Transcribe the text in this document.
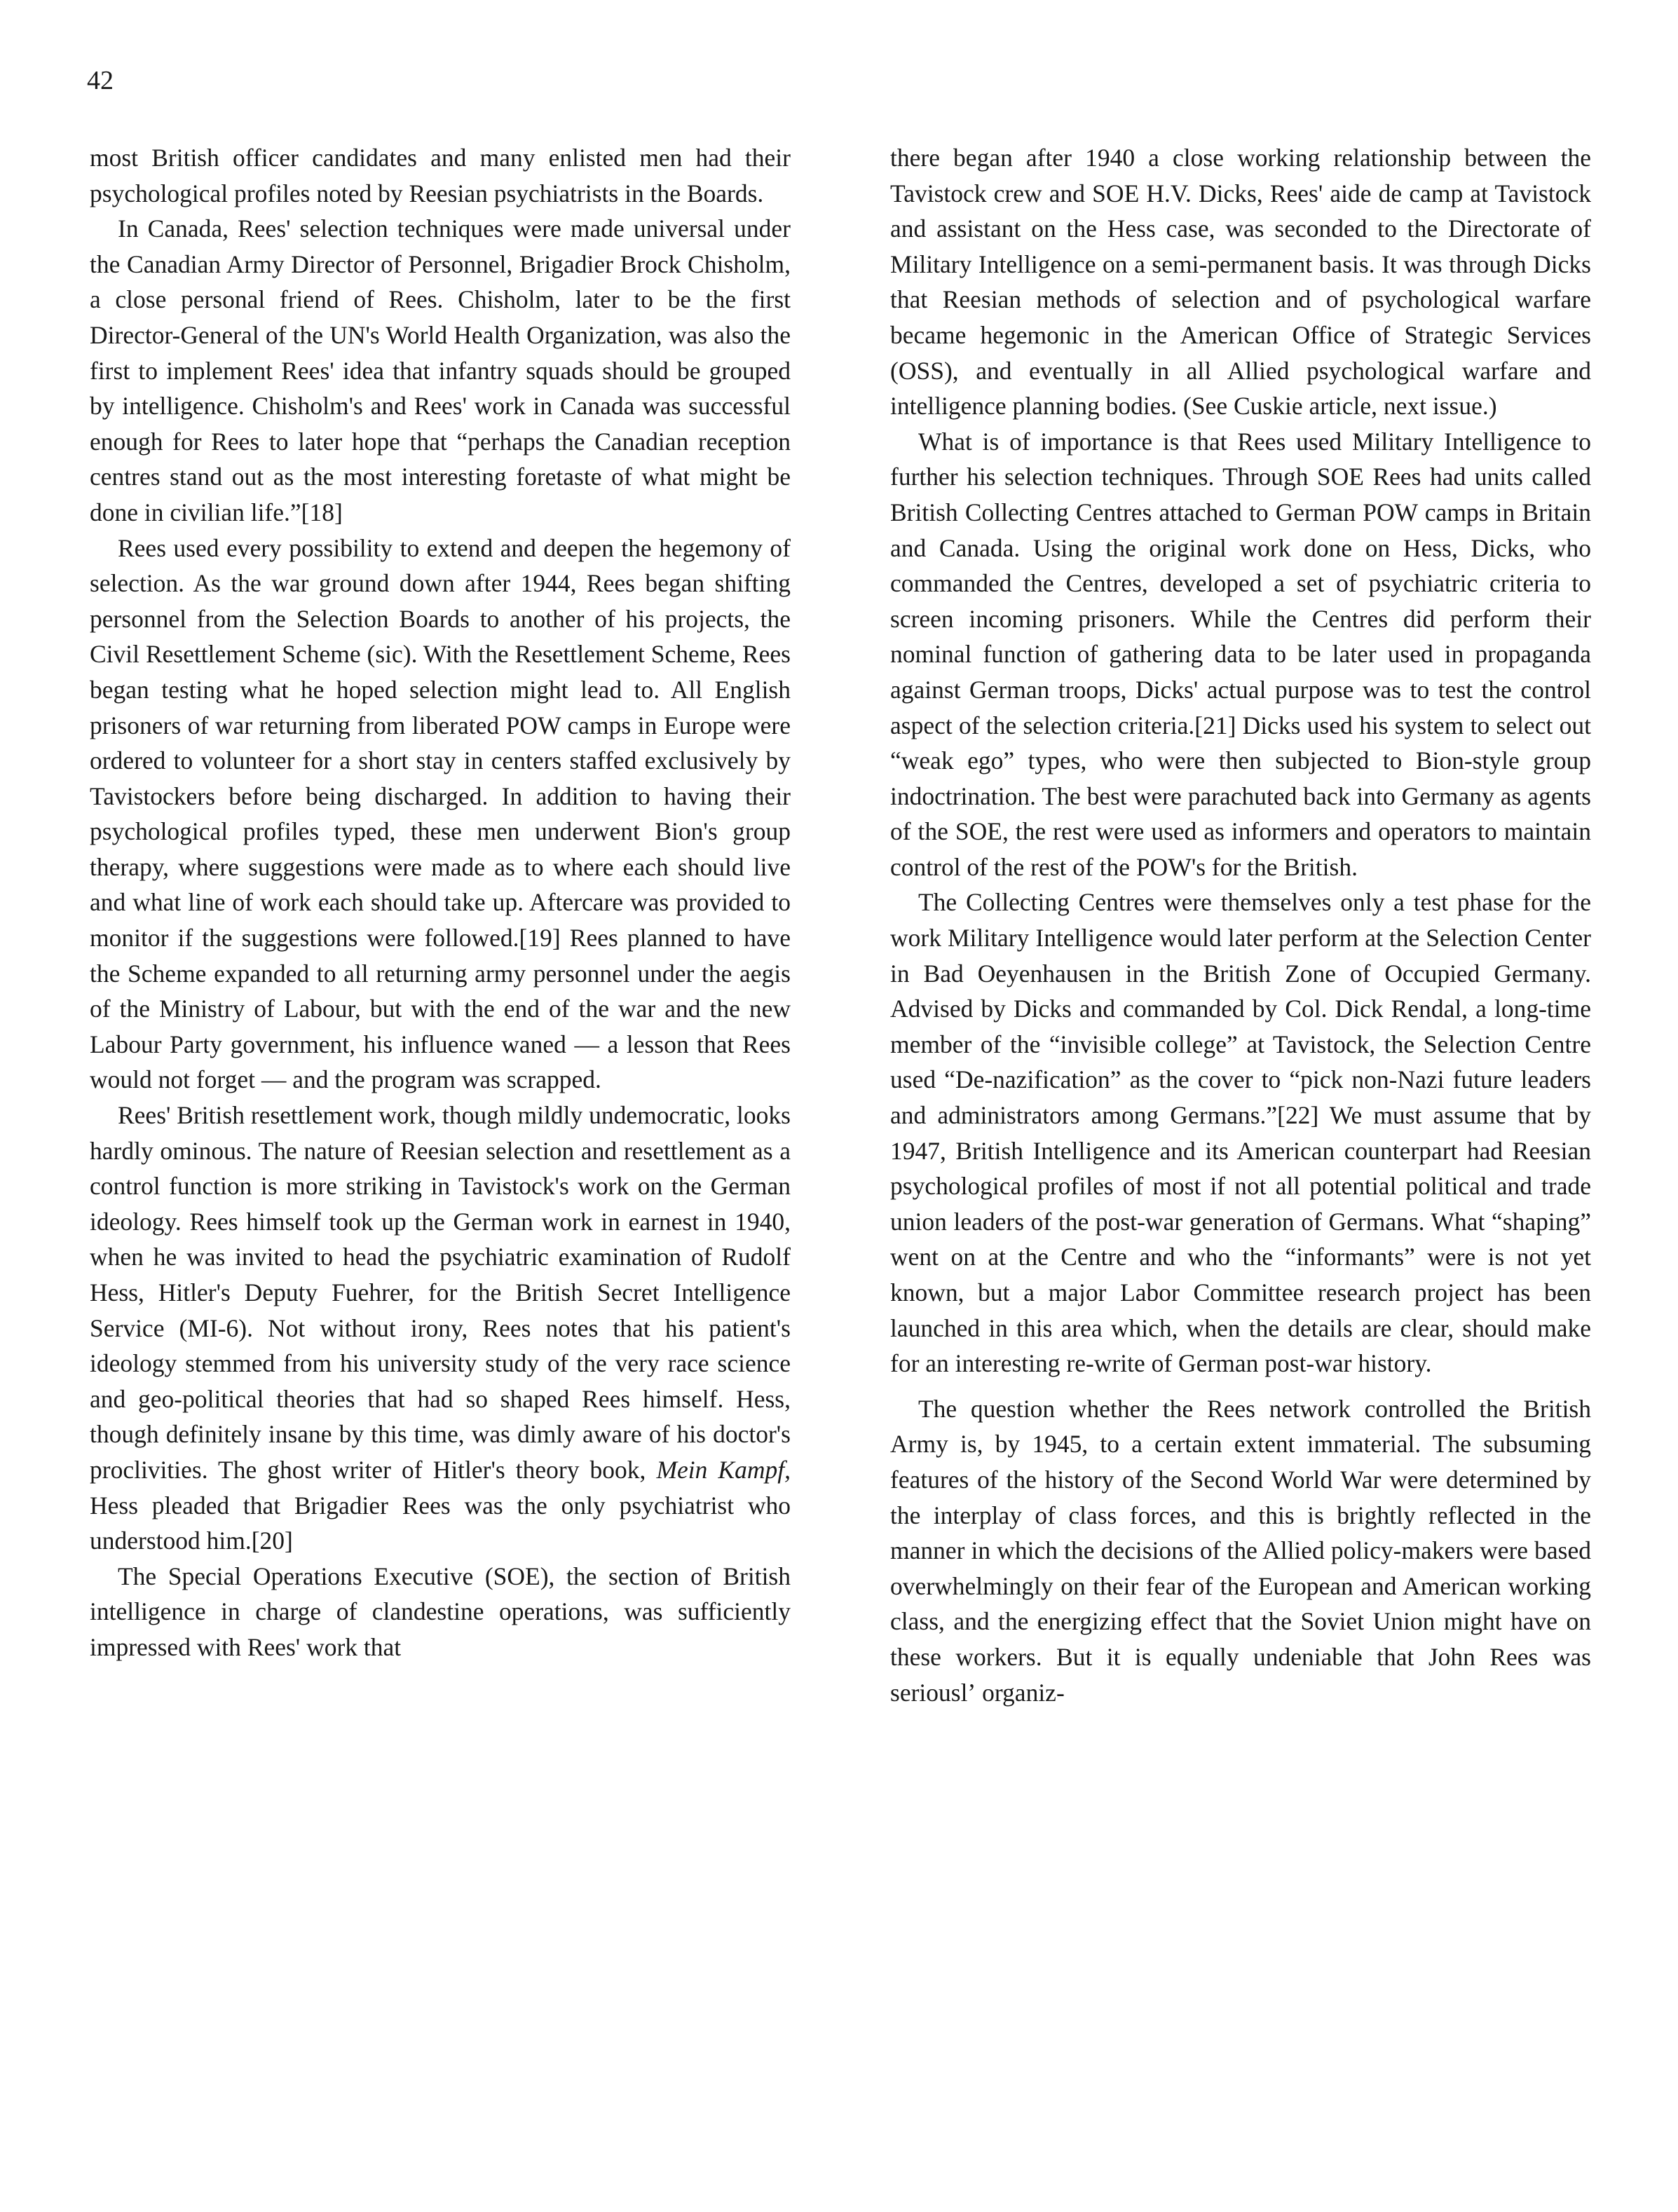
42

most British officer candidates and many enlisted men had their psychological profiles noted by Reesian psychiatrists in the Boards.

In Canada, Rees' selection techniques were made universal under the Canadian Army Director of Personnel, Brigadier Brock Chisholm, a close personal friend of Rees. Chisholm, later to be the first Director-General of the UN's World Health Organization, was also the first to implement Rees' idea that infantry squads should be grouped by intelligence. Chisholm's and Rees' work in Canada was successful enough for Rees to later hope that “perhaps the Canadian reception centres stand out as the most interesting foretaste of what might be done in civilian life.”[18]

Rees used every possibility to extend and deepen the hegemony of selection. As the war ground down after 1944, Rees began shifting personnel from the Selection Boards to another of his projects, the Civil Resettlement Scheme (sic). With the Resettlement Scheme, Rees began testing what he hoped selection might lead to. All English prisoners of war returning from liberated POW camps in Europe were ordered to volunteer for a short stay in centers staffed exclusively by Tavistockers before being discharged. In addition to having their psychological profiles typed, these men underwent Bion's group therapy, where suggestions were made as to where each should live and what line of work each should take up. Aftercare was provided to monitor if the suggestions were followed.[19] Rees planned to have the Scheme expanded to all returning army personnel under the aegis of the Ministry of Labour, but with the end of the war and the new Labour Party government, his influence waned — a lesson that Rees would not forget — and the program was scrapped.

Rees' British resettlement work, though mildly undemocratic, looks hardly ominous. The nature of Reesian selection and resettlement as a control function is more striking in Tavistock's work on the German ideology. Rees himself took up the German work in earnest in 1940, when he was invited to head the psychiatric examination of Rudolf Hess, Hitler's Deputy Fuehrer, for the British Secret Intelligence Service (MI-6). Not without irony, Rees notes that his patient's ideology stemmed from his university study of the very race science and geo-political theories that had so shaped Rees himself. Hess, though definitely insane by this time, was dimly aware of his doctor's proclivities. The ghost writer of Hitler's theory book, Mein Kampf, Hess pleaded that Brigadier Rees was the only psychiatrist who understood him.[20]

The Special Operations Executive (SOE), the section of British intelligence in charge of clandestine operations, was sufficiently impressed with Rees' work that

there began after 1940 a close working relationship between the Tavistock crew and SOE H.V. Dicks, Rees' aide de camp at Tavistock and assistant on the Hess case, was seconded to the Directorate of Military Intelligence on a semi-permanent basis. It was through Dicks that Reesian methods of selection and of psychological warfare became hegemonic in the American Office of Strategic Services (OSS), and eventually in all Allied psychological warfare and intelligence planning bodies. (See Cuskie article, next issue.)

What is of importance is that Rees used Military Intelligence to further his selection techniques. Through SOE Rees had units called British Collecting Centres attached to German POW camps in Britain and Canada. Using the original work done on Hess, Dicks, who commanded the Centres, developed a set of psychiatric criteria to screen incoming prisoners. While the Centres did perform their nominal function of gathering data to be later used in propaganda against German troops, Dicks' actual purpose was to test the control aspect of the selection criteria.[21] Dicks used his system to select out “weak ego” types, who were then subjected to Bion-style group indoctrination. The best were parachuted back into Germany as agents of the SOE, the rest were used as informers and operators to maintain control of the rest of the POW's for the British.

The Collecting Centres were themselves only a test phase for the work Military Intelligence would later perform at the Selection Center in Bad Oeyenhausen in the British Zone of Occupied Germany. Advised by Dicks and commanded by Col. Dick Rendal, a long-time member of the “invisible college” at Tavistock, the Selection Centre used “De-nazification” as the cover to “pick non-Nazi future leaders and administrators among Germans.”[22] We must assume that by 1947, British Intelligence and its American counterpart had Reesian psychological profiles of most if not all potential political and trade union leaders of the post-war generation of Germans. What “shaping” went on at the Centre and who the “informants” were is not yet known, but a major Labor Committee research project has been launched in this area which, when the details are clear, should make for an interesting re-write of German post-war history.

The question whether the Rees network controlled the British Army is, by 1945, to a certain extent immaterial. The subsuming features of the history of the Second World War were determined by the interplay of class forces, and this is brightly reflected in the manner in which the decisions of the Allied policy-makers were based overwhelmingly on their fear of the European and American working class, and the energizing effect that the Soviet Union might have on these workers. But it is equally undeniable that John Rees was seriouslʼ organiz-
